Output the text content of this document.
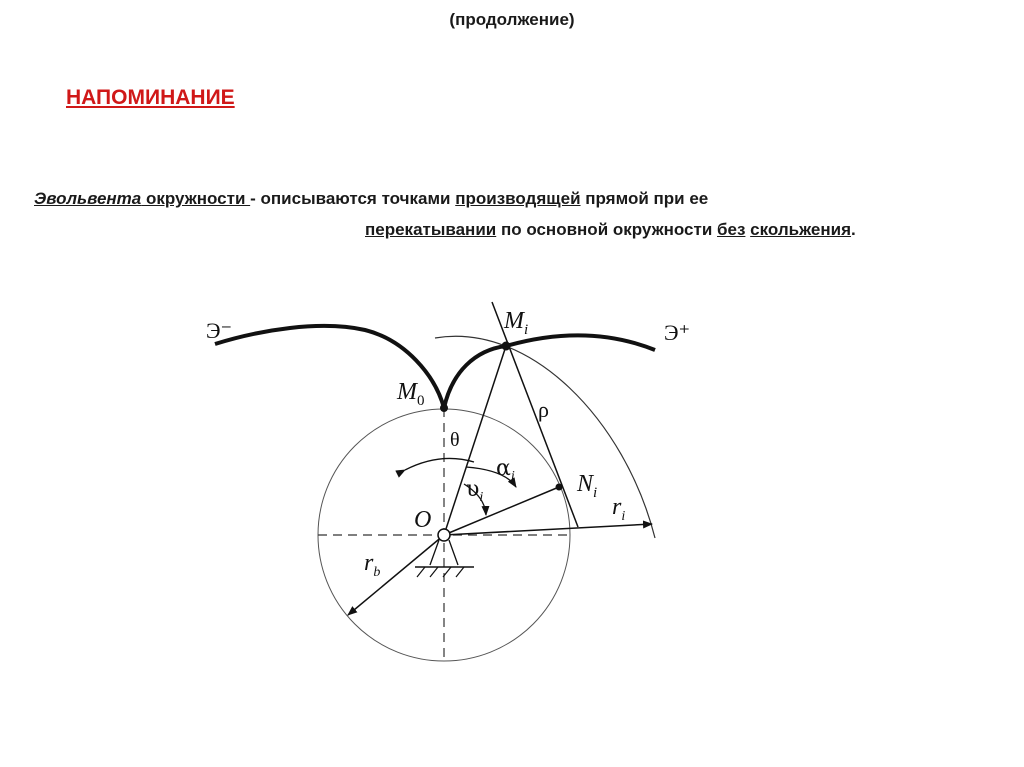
(продолжение)
НАПОМИНАНИЕ
Эвольвента окружности - описываются точками производящей прямой при ее
перекатывании по основной окружности без скольжения.
Э⁻	Э⁺
$M_0$
$M_i$
$N_i$
O
θ
$\alpha_i$
$\upsilon_i$
ρ
$r_i$
$r_b$
